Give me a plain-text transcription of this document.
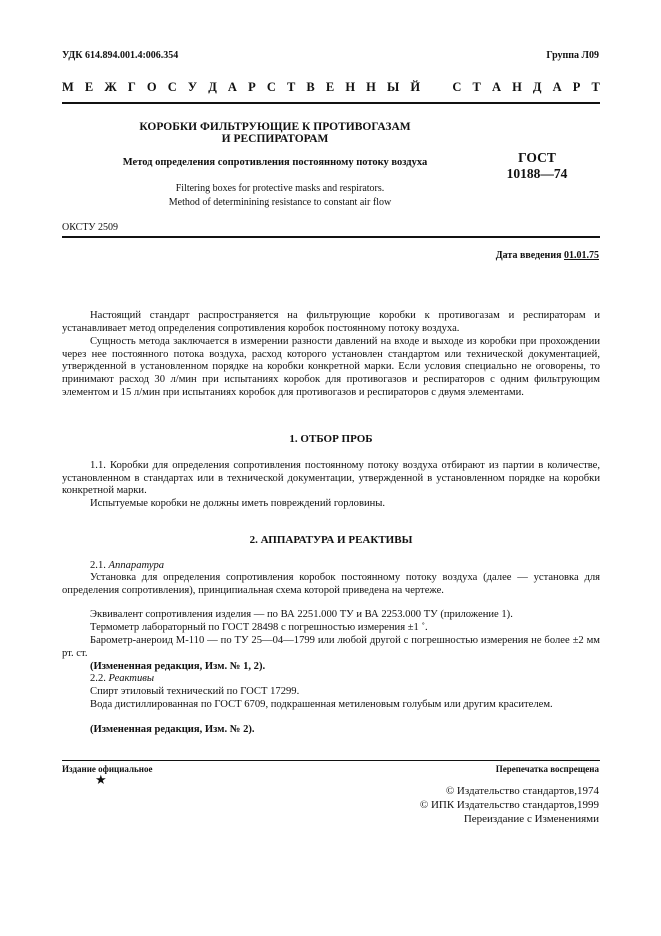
УДК 614.894.001.4:006.354	Группа Л09
М Е Ж Г О С У Д А Р С Т В Е Н Н Ы Й	С Т А Н Д А Р Т
КОРОБКИ ФИЛЬТРУЮЩИЕ К ПРОТИВОГАЗАМ
И РЕСПИРАТОРАМ
Метод определения сопротивления постоянному потоку воздуха
Filtering boxes for protective masks and respirators.
Method of determinining resistance to constant air flow
ГОСТ
10188—74
ОКСТУ 2509
Дата введения 01.01.75

Настоящий стандарт распространяется на фильтрующие коробки к противогазам и респираторам и устанавливает метод определения сопротивления коробок постоянному потоку воздуха.

Сущность метода заключается в измерении разности давлений на входе и выходе из коробки при прохождении через нее постоянного потока воздуха, расход которого установлен стандартом или технической документацией, утвержденной в установленном порядке на коробки конкретной марки. Если условия специально не оговорены, то принимают расход 30 л/мин при испытаниях коробок для противогазов и респираторов с одним фильтрующим элементом и 15 л/мин при испытаниях коробок для противогазов и респираторов с двумя элементами.

1. ОТБОР ПРОБ

1.1. Коробки для определения сопротивления постоянному потоку воздуха отбирают из партии в количестве, установленном в стандартах или в технической документации, утвержденной в установленном порядке на коробки конкретной марки.

Испытуемые коробки не должны иметь повреждений горловины.

2. АППАРАТУРА И РЕАКТИВЫ
2.1. Аппаратура

Установка для определения сопротивления коробок постоянному потоку воздуха (далее — установка для определения сопротивления), принципиальная схема которой приведена на чертеже.

Эквивалент сопротивления изделия — по ВА 2251.000 ТУ и ВА 2253.000 ТУ (приложение 1).
Термометр лабораторный по ГОСТ 28498 с погрешностью измерения ±1 ˚.

Барометр-анероид М-110 — по ТУ 25—04—1799 или любой другой с погрешностью измерения не более ±2 мм рт. ст.

(Измененная редакция, Изм. № 1, 2).
2.2. Реактивы
Спирт этиловый технический по ГОСТ 17299.

Вода дистиллированная по ГОСТ 6709, подкрашенная метиленовым голубым или другим красителем.

(Измененная редакция, Изм. № 2).
Издание официальное	Перепечатка воспрещена
★
© Издательство стандартов,1974
© ИПК Издательство стандартов,1999
Переиздание с Изменениями
